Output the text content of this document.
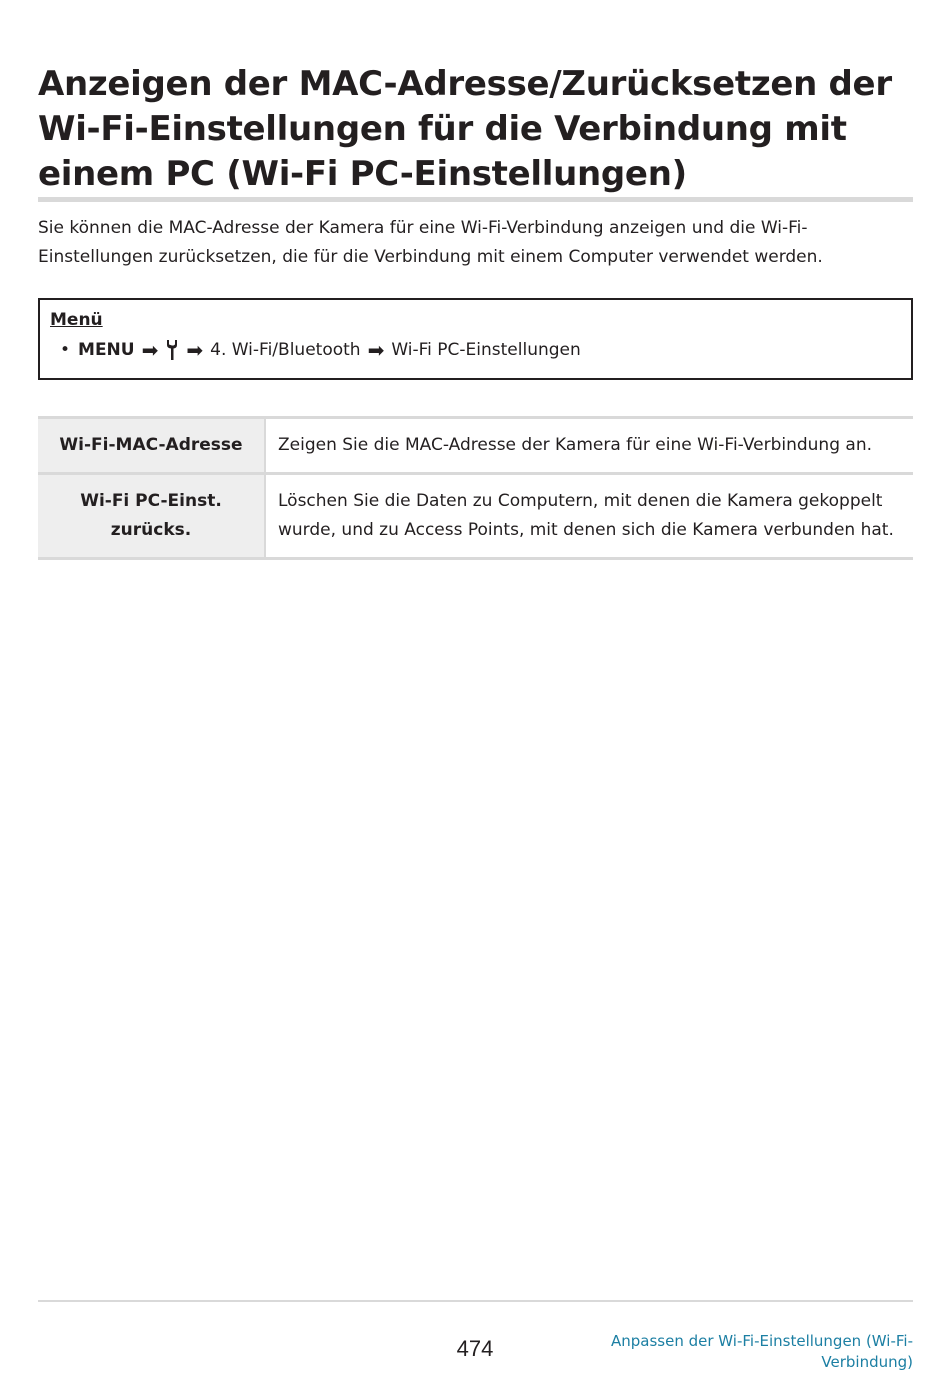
Anzeigen der MAC-Adresse/Zurücksetzen der Wi-Fi-Einstellungen für die Verbindung mit einem PC (Wi-Fi PC-Einstellungen)

Sie können die MAC-Adresse der Kamera für eine Wi-Fi-Verbindung anzeigen und die Wi-Fi-Einstellungen zurücksetzen, die für die Verbindung mit einem Computer verwendet werden.

Menü
• MENU ➡ ➡ 4. Wi-Fi/Bluetooth ➡ Wi-Fi PC-Einstellungen
Wi-Fi-MAC-Adresse	Zeigen Sie die MAC-Adresse der Kamera für eine Wi-Fi-Verbindung an.
Wi-Fi PC-Einst.
zurücks.
Löschen Sie die Daten zu Computern, mit denen die Kamera gekoppelt wurde, und zu Access Points, mit denen sich die Kamera verbunden hat.
474	Anpassen der Wi-Fi-Einstellungen (Wi-Fi-Verbindung)
